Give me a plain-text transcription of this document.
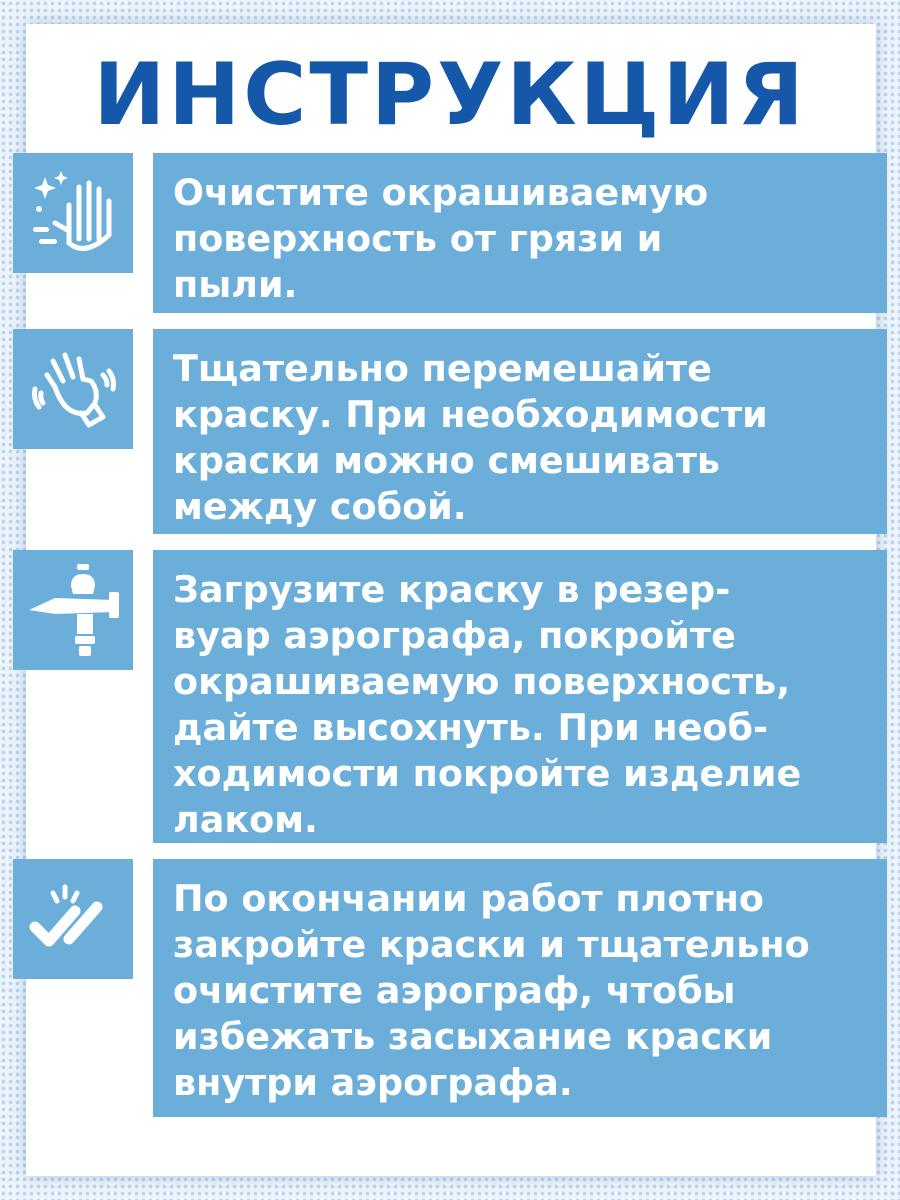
ИНСТРУКЦИЯ

Очистите окрашиваемую
поверхность от грязи и
пыли.

Тщательно перемешайте
краску. При необходимости
краски можно смешивать
между собой.

Загрузите краску в резер-
вуар аэрографа, покройте
окрашиваемую поверхность,
дайте высохнуть. При необ-
ходимости покройте изделие
лаком.

По окончании работ плотно
закройте краски и тщательно
очистите аэрограф, чтобы
избежать засыхание краски
внутри аэрографа.
